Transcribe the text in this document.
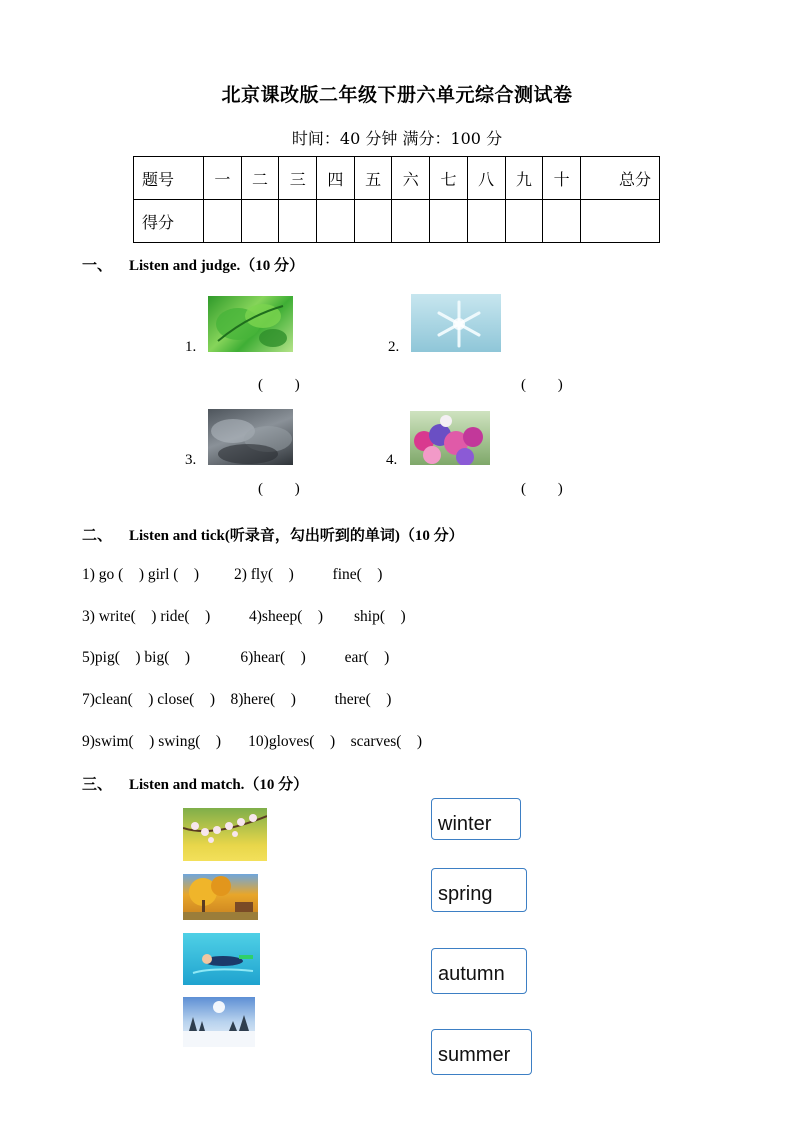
北京课改版二年级下册六单元综合测试卷
时间：40 分钟 满分：100 分
题号	一	二	三	四	五	六	七	八	九	十	总分
得分											
一、 Listen and judge.（10 分）
1.
( )
2.
( )
3.
( )
4.
( )
二、 Listen and tick(听录音，勾出听到的单词)（10 分）
1) go (    ) girl (    )         2) fly(    )          fine(    )
3) write(    ) ride(    )          4)sheep(    )        ship(    )
5)pig(    ) big(    )             6)hear(    )          ear(    )
7)clean(    ) close(    )    8)here(    )          there(    )
9)swim(    ) swing(    )       10)gloves(    )    scarves(    )
三、 Listen and match.（10 分）
winter
spring
autumn
summer
